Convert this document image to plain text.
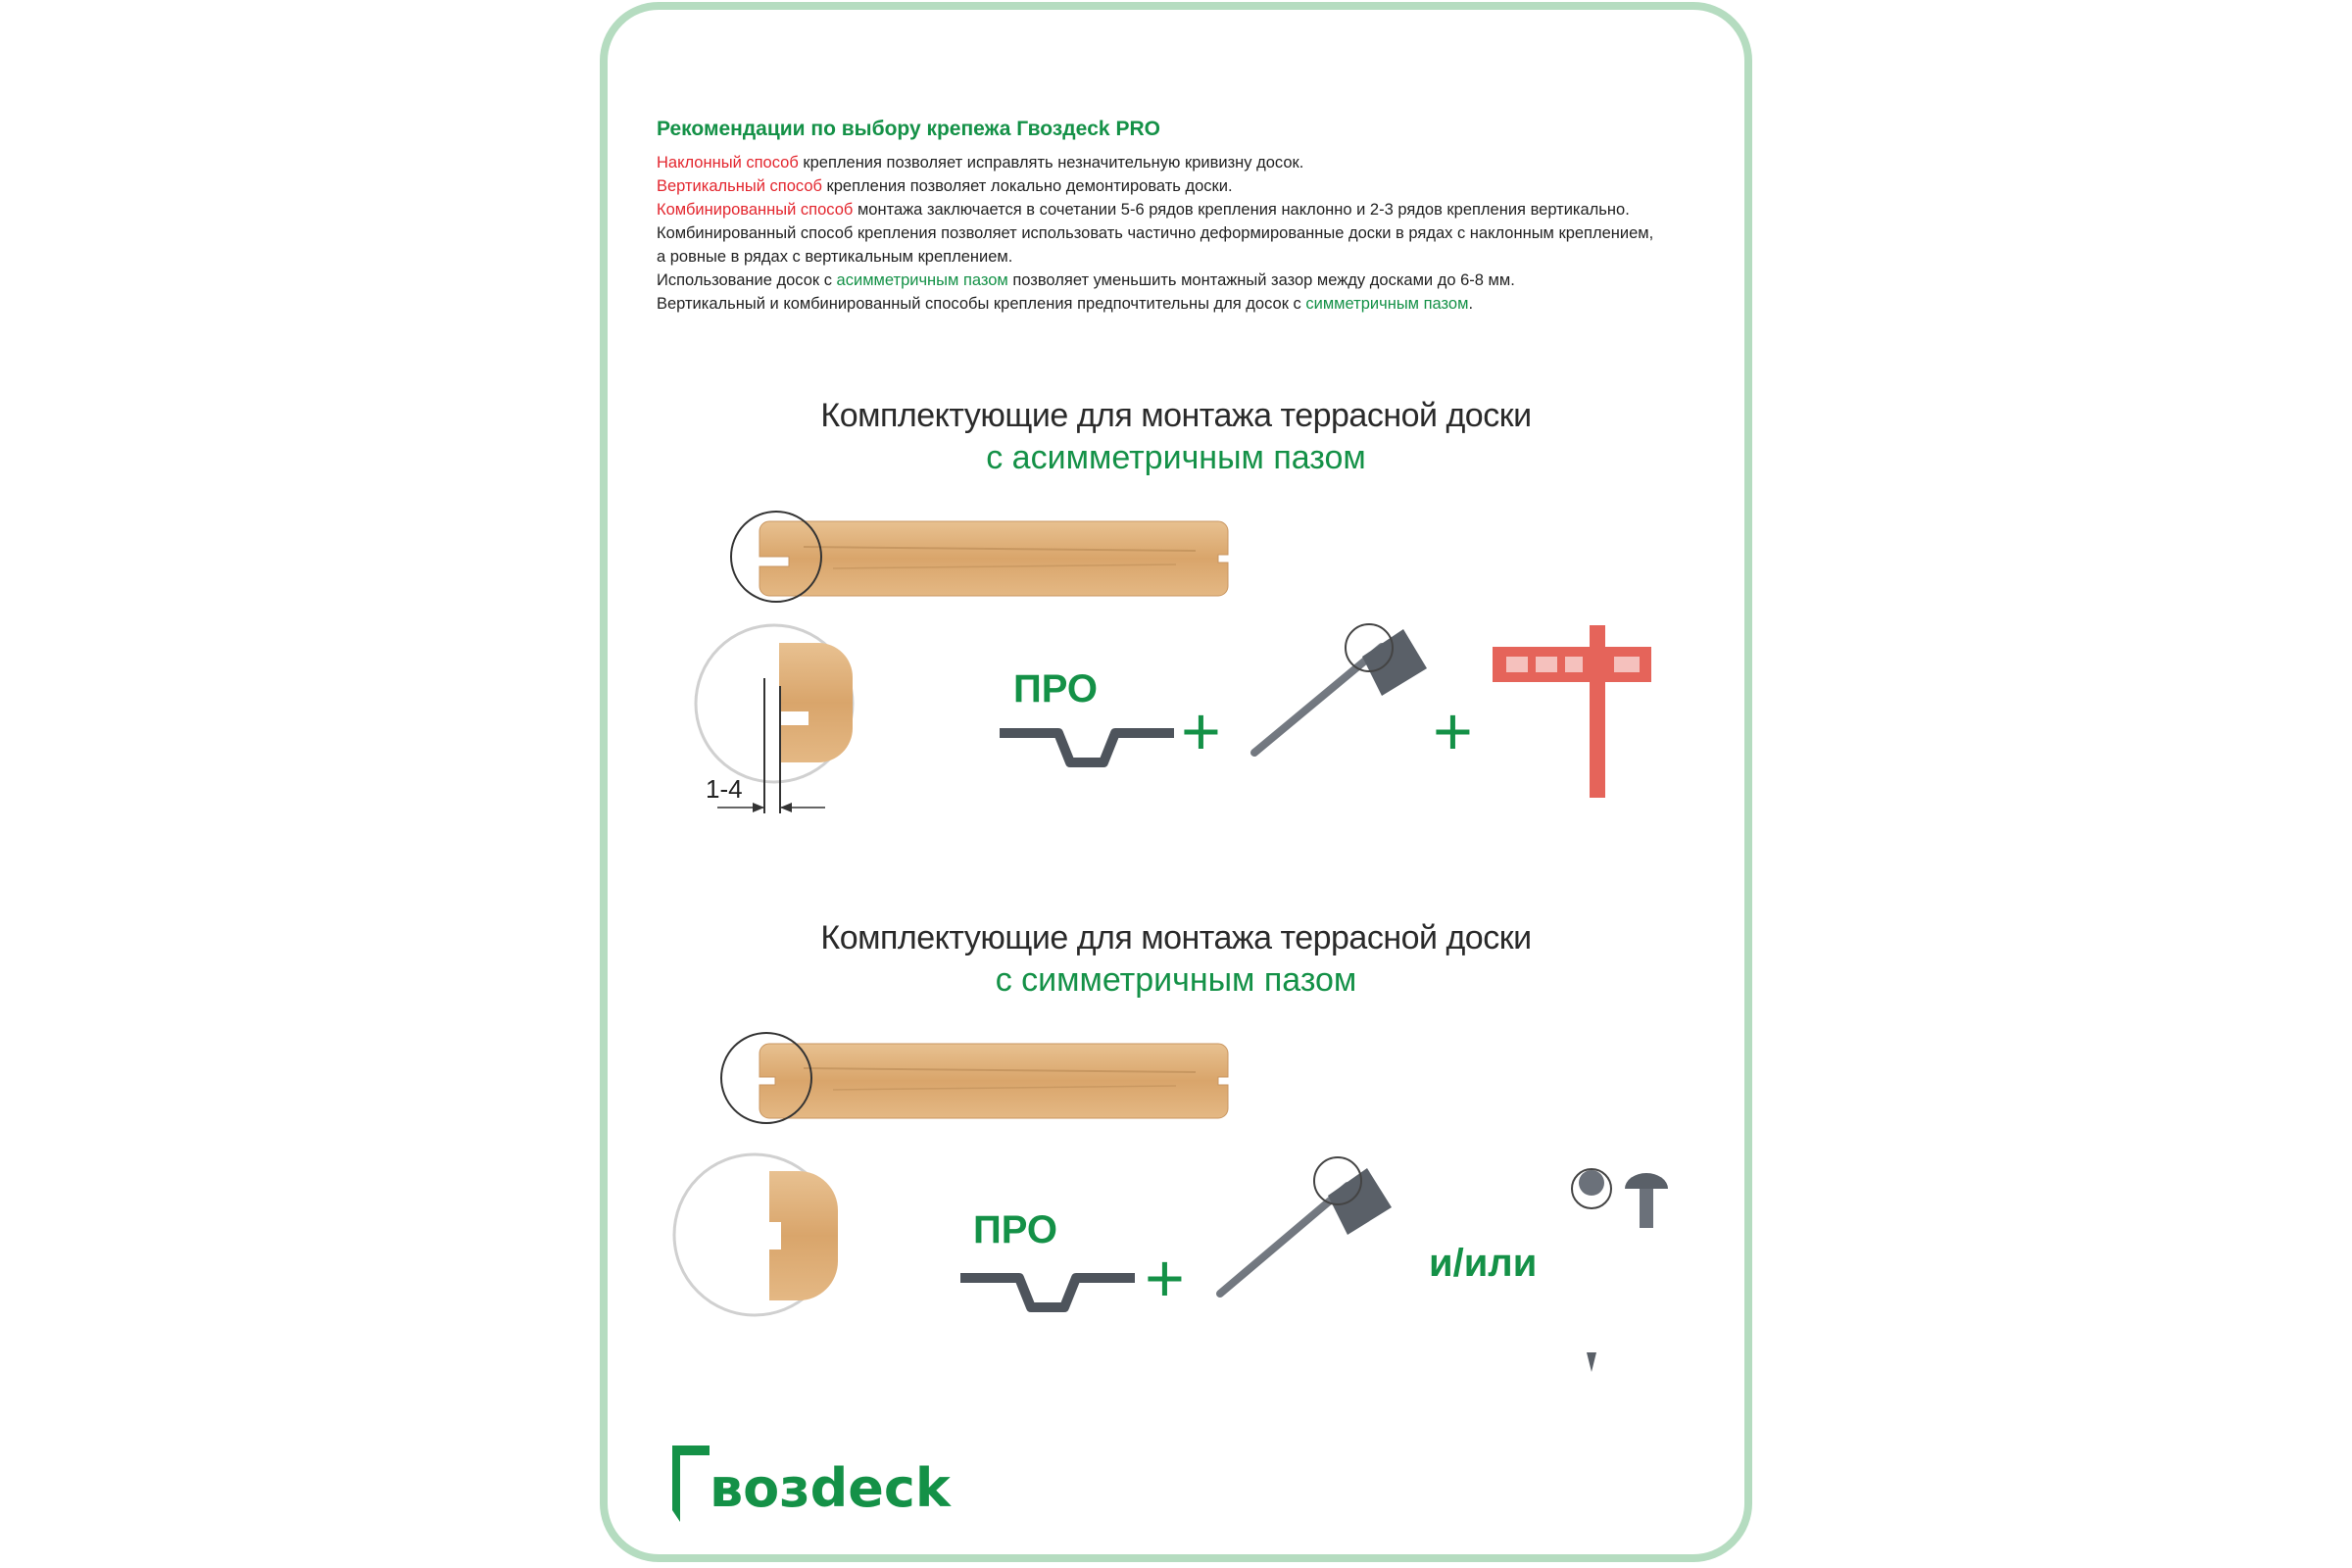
Рекомендации по выбору крепежа Гвоздeck PRO
Наклонный способ крепления позволяет исправлять незначительную кривизну досок.
Вертикальный способ крепления позволяет локально демонтировать доски.
Комбинированный способ монтажа заключается в сочетании 5-6 рядов крепления наклонно и 2-3 рядов крепления вертикально.
Комбинированный способ крепления позволяет использовать частично деформированные доски в рядах с наклонным креплением,
а ровные в рядах с вертикальным креплением.
Использование досок с асимметричным пазом позволяет уменьшить монтажный зазор между досками до 6-8 мм.
Вертикальный и комбинированный способы крепления предпочтительны для досок с симметричным пазом.
Комплектующие для монтажа террасной доски
с асимметричным пазом
Комплектующие для монтажа террасной доски
с симметричным пазом
1-4
ПРО
+	+
ПРО
+	и/или
возdeck
